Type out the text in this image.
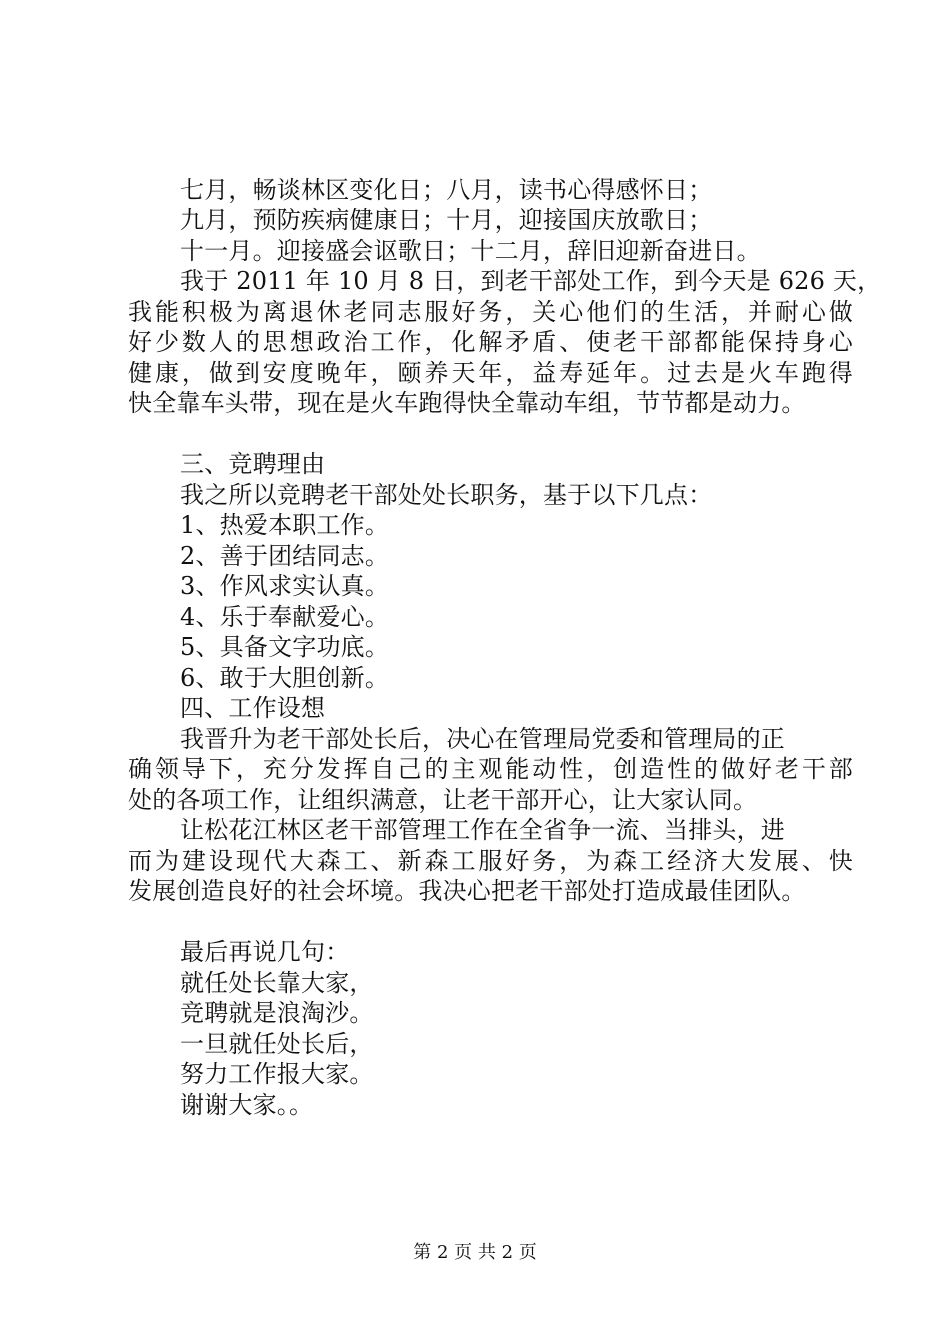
七月，畅谈林区变化日；八月，读书心得感怀日；
九月，预防疾病健康日；十月，迎接国庆放歌日；
十一月。迎接盛会讴歌日；十二月，辞旧迎新奋进日。
我于 2011 年 10 月 8 日，到老干部处工作，到今天是 626 天，
我能积极为离退休老同志服好务，关心他们的生活，并耐心做
好少数人的思想政治工作，化解矛盾、使老干部都能保持身心
健康，做到安度晚年，颐养天年，益寿延年。过去是火车跑得
快全靠车头带，现在是火车跑得快全靠动车组，节节都是动力。
三、竞聘理由
我之所以竞聘老干部处处长职务，基于以下几点：
1、热爱本职工作。
2、善于团结同志。
3、作风求实认真。
4、乐于奉献爱心。
5、具备文字功底。
6、敢于大胆创新。
四、工作设想
我晋升为老干部处长后，决心在管理局党委和管理局的正
确领导下，充分发挥自己的主观能动性，创造性的做好老干部
处的各项工作，让组织满意，让老干部开心，让大家认同。
让松花江林区老干部管理工作在全省争一流、当排头，进
而为建设现代大森工、新森工服好务，为森工经济大发展、快
发展创造良好的社会坏境。我决心把老干部处打造成最佳团队。
最后再说几句：
就任处长靠大家，
竞聘就是浪淘沙。
一旦就任处长后，
努力工作报大家。
谢谢大家。。
第 2 页 共 2 页
